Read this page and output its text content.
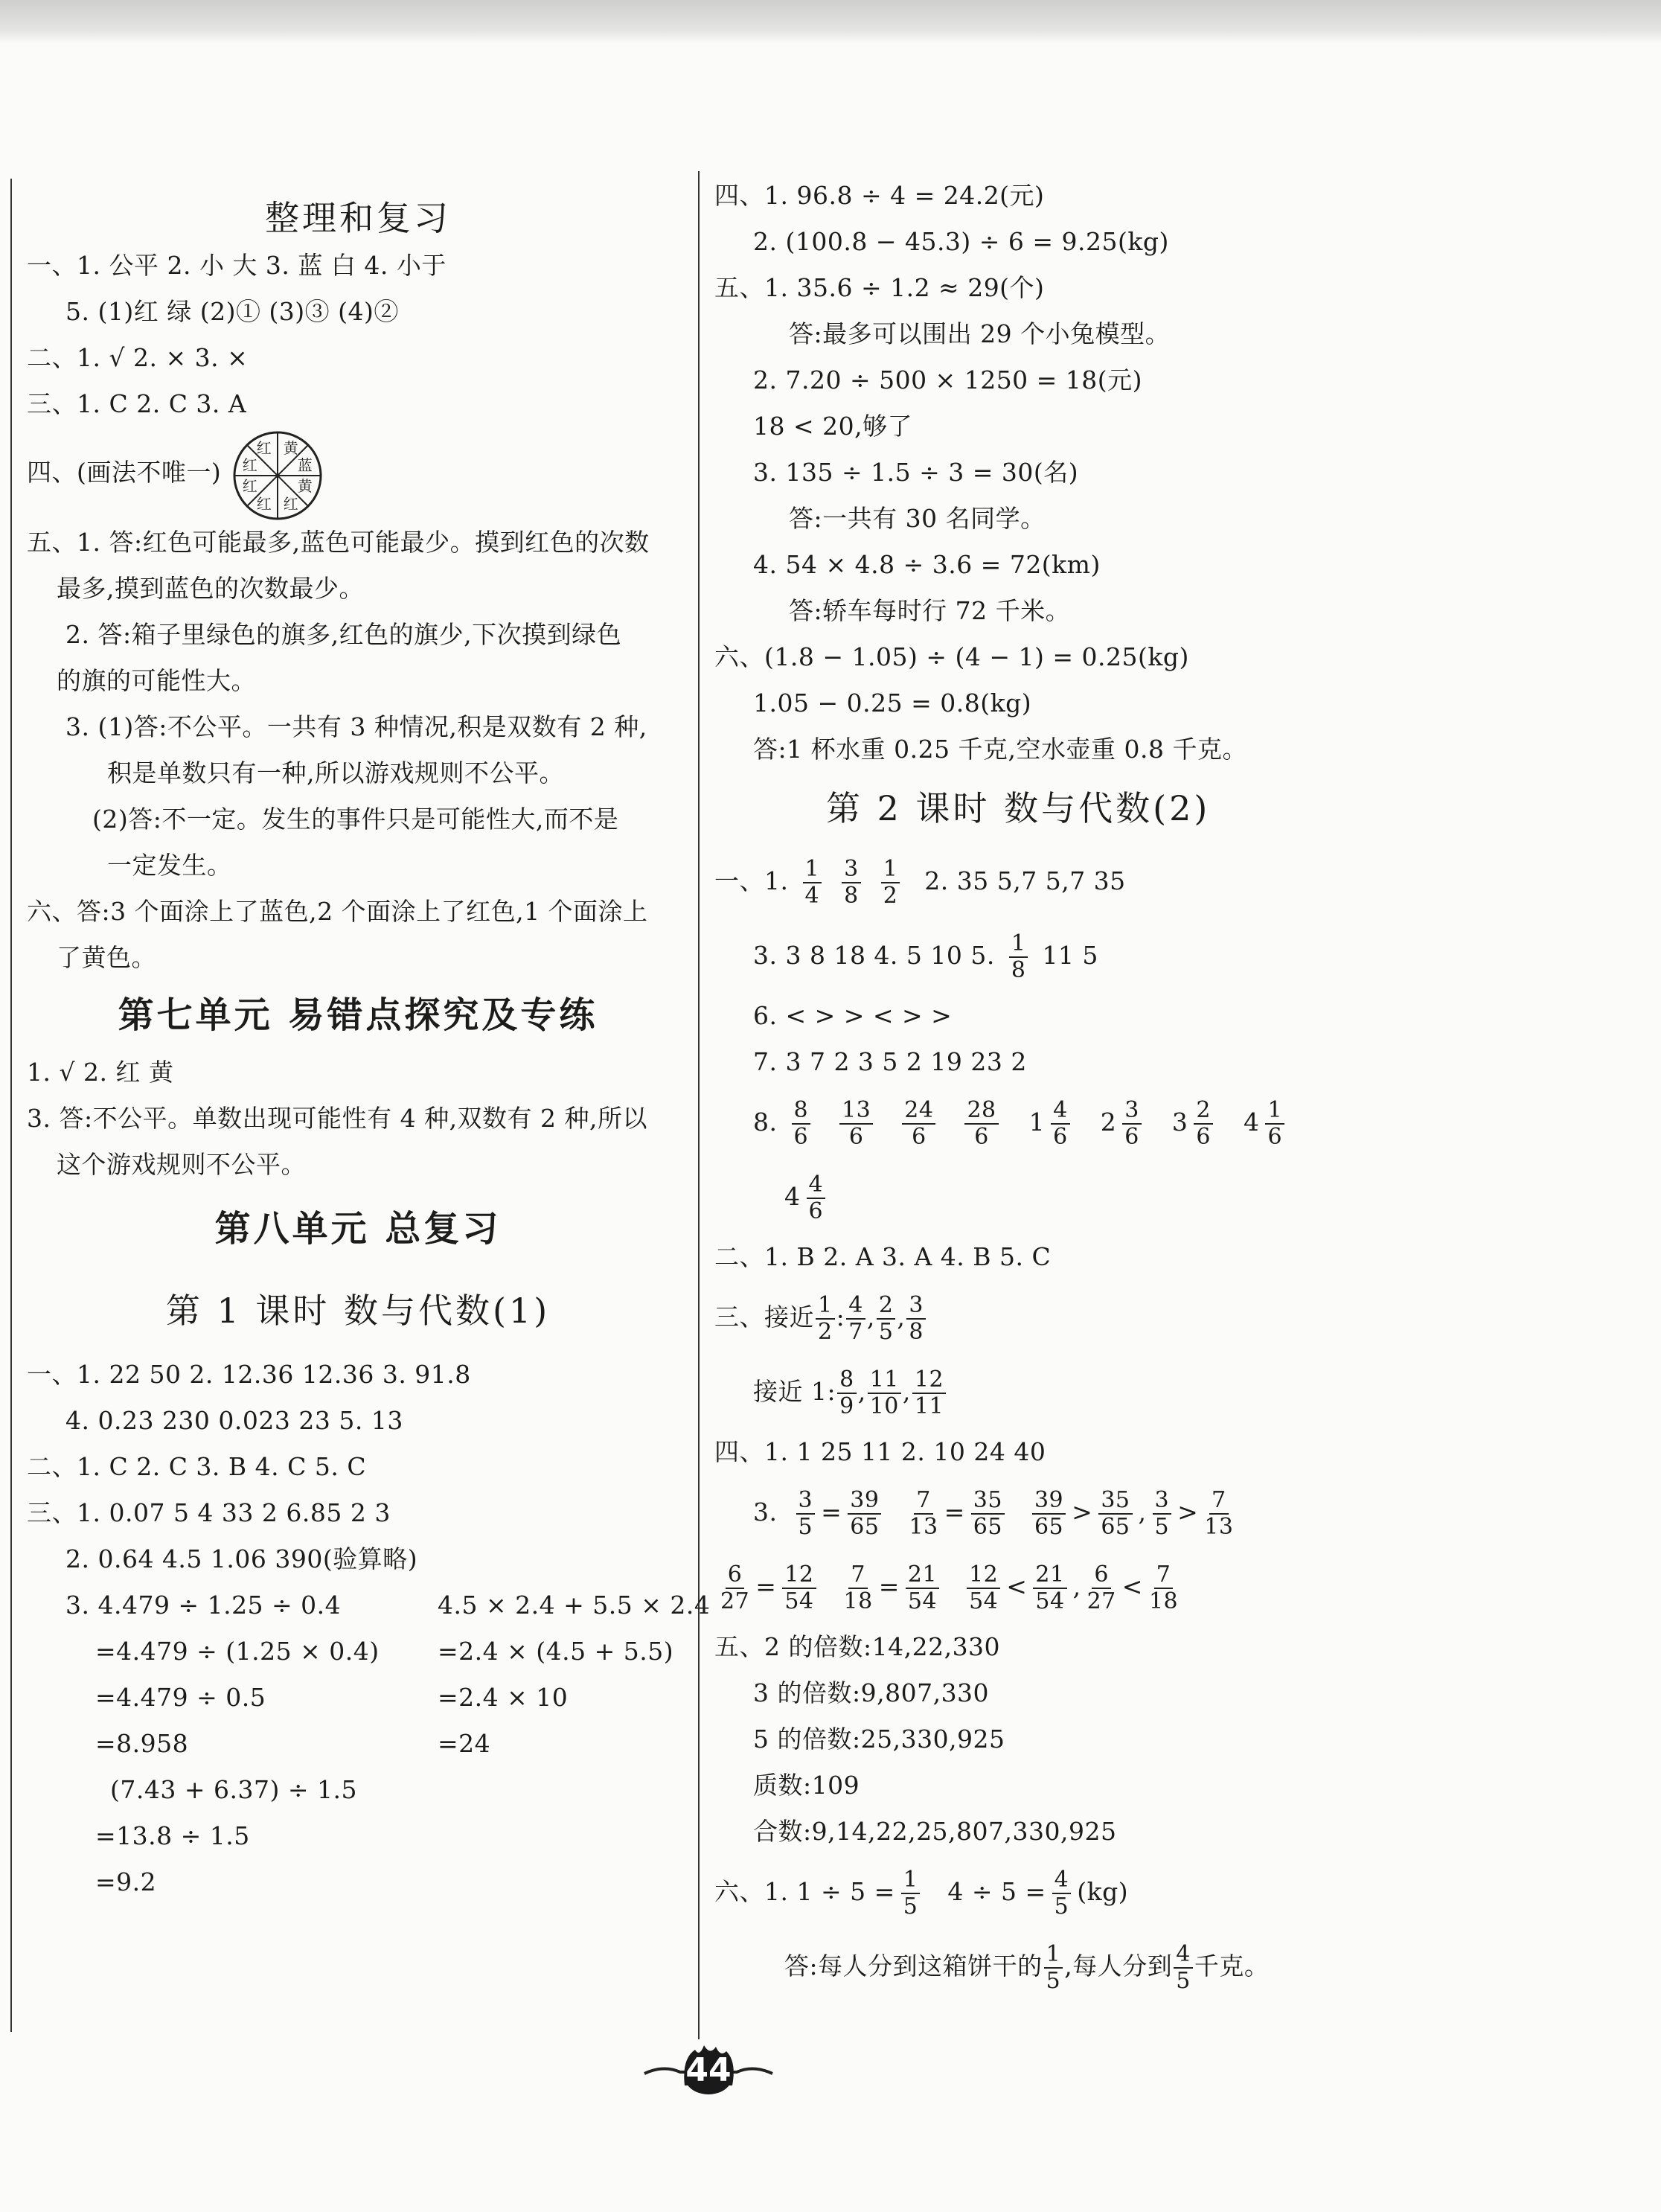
整理和复习
一、1. 公平 2. 小 大 3. 蓝 白 4. 小于
5. (1)红 绿 (2)① (3)③ (4)②
二、1. √ 2. × 3. ×
三、1. C 2. C 3. A
四、(画法不唯一)
黄
蓝
黄
红
红
红
红
红
五、1. 答:红色可能最多,蓝色可能最少。摸到红色的次数
最多,摸到蓝色的次数最少。
2. 答:箱子里绿色的旗多,红色的旗少,下次摸到绿色
的旗的可能性大。
3. (1)答:不公平。一共有 3 种情况,积是双数有 2 种,
积是单数只有一种,所以游戏规则不公平。
(2)答:不一定。发生的事件只是可能性大,而不是
一定发生。
六、答:3 个面涂上了蓝色,2 个面涂上了红色,1 个面涂上
了黄色。
第七单元 易错点探究及专练
1. √ 2. 红 黄
3. 答:不公平。单数出现可能性有 4 种,双数有 2 种,所以
这个游戏规则不公平。
第八单元 总复习
第 1 课时 数与代数(1)
一、1. 22 50 2. 12.36 12.36 3. 91.8
4. 0.23 230 0.023 23 5. 13
二、1. C 2. C 3. B 4. C 5. C
三、1. 0.07 5 4 33 2 6.85 2 3
2. 0.64 4.5 1.06 390(验算略)
3. 4.479 ÷ 1.25 ÷ 0.4
=4.479 ÷ (1.25 × 0.4)
=4.479 ÷ 0.5
=8.958
(7.43 + 6.37) ÷ 1.5
=13.8 ÷ 1.5
=9.2
4.5 × 2.4 + 5.5 × 2.4
=2.4 × (4.5 + 5.5)
=2.4 × 10
=24
四、1. 96.8 ÷ 4 = 24.2(元)
2. (100.8 − 45.3) ÷ 6 = 9.25(kg)
五、1. 35.6 ÷ 1.2 ≈ 29(个)
答:最多可以围出 29 个小兔模型。
2. 7.20 ÷ 500 × 1250 = 18(元)
18 < 20,够了
3. 135 ÷ 1.5 ÷ 3 = 30(名)
答:一共有 30 名同学。
4. 54 × 4.8 ÷ 3.6 = 72(km)
答:轿车每时行 72 千米。
六、(1.8 − 1.05) ÷ (4 − 1) = 0.25(kg)
1.05 − 0.25 = 0.8(kg)
答:1 杯水重 0.25 千克,空水壶重 0.8 千克。
第 2 课时 数与代数(2)
一、1. $\frac{1}{4}$
$\frac{3}{8}$
$\frac{1}{2} 2$. 35 5,7 5,7 35
3. 3 8 18 4. 5 10 5. $\frac{1}{8} 11$ 5
6. < > > < > >
7. 3 7 2 3 5 2 19 23 2
8. $\frac{8}{6}$
$\frac{13}{6}$
$\frac{24}{6}$
$\frac{28}{6} 1 \frac{4}{6} 2 \frac{3}{6} 3 \frac{2}{6} 4 \frac{1}{6}$
$4 \frac{4}{6}$
二、1. B 2. A 3. A 4. B 5. C
三、接近 $\frac{1}{2}$ : $\frac{4}{7}$ , $\frac{2}{5}$ , $\frac{3}{8}$
接近 1: $\frac{8}{9}$ , $\frac{11}{10}$ , $\frac{12}{11}$
四、1. 1 25 11 2. 10 24 40
3. $\frac{3}{5} = \frac{39}{65}$
$\frac{7}{13} = \frac{35}{65}$
$\frac{39}{65} > \frac{35}{65}$ , $\frac{3}{5} > \frac{7}{13}$
$\frac{6}{27} = \frac{12}{54}$
$\frac{7}{18} = \frac{21}{54}$
$\frac{12}{54} < \frac{21}{54}$ , $\frac{6}{27} < \frac{7}{18}$
五、2 的倍数:14,22,330
3 的倍数:9,807,330
5 的倍数:25,330,925
质数:109
合数:9,14,22,25,807,330,925
六、1. $1 \div 5 = \frac{1}{5} 4 \div 5 = \frac{4}{5} (kg)$
答:每人分到这箱饼干的 $\frac{1}{5}$ ,每人分到 $\frac{4}{5}$ 千克。
44
